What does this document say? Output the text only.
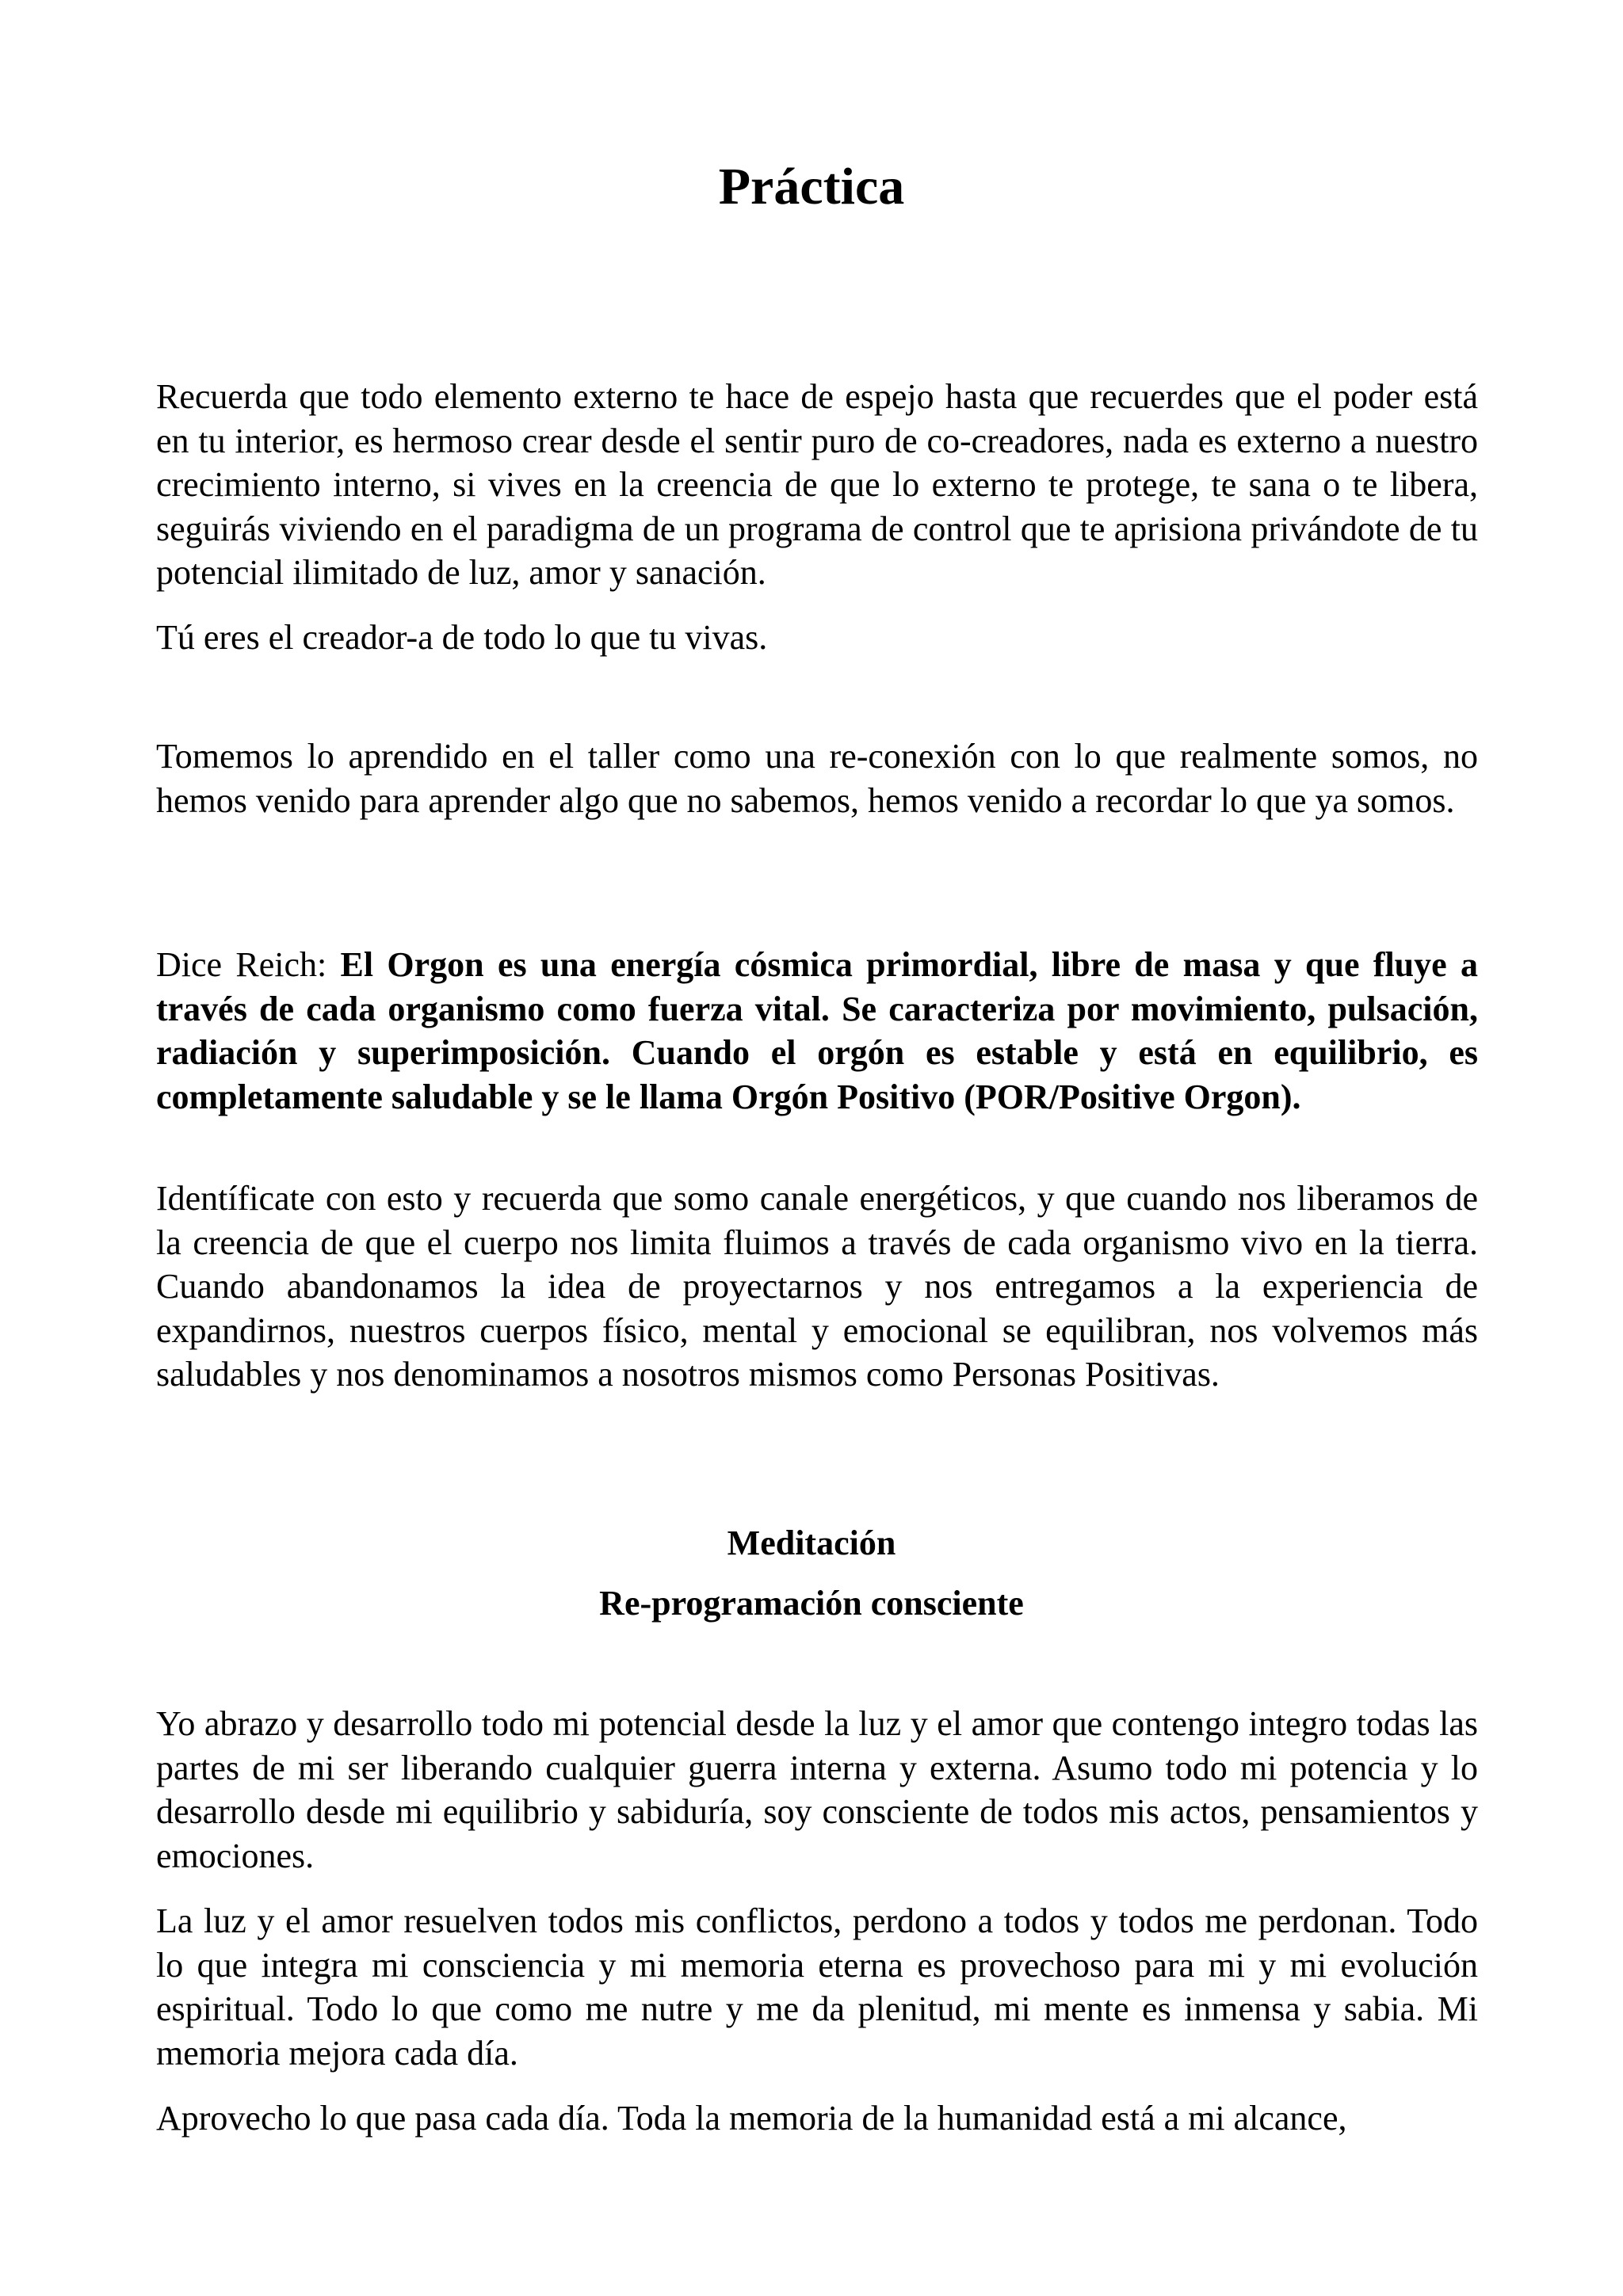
Práctica

Recuerda que todo elemento externo te hace de espejo hasta que recuerdes que el poder está en tu interior, es hermoso crear desde el sentir puro de co-creadores, nada es externo a nuestro crecimiento interno, si vives en la creencia de que lo externo te protege, te sana o te libera, seguirás viviendo en el paradigma de un programa de control que te aprisiona privándote de tu potencial ilimitado de luz, amor y sanación.

Tú eres el creador-a de todo lo que tu vivas.

Tomemos lo aprendido en el taller como una re-conexión con lo que realmente somos, no hemos venido para aprender algo que no sabemos, hemos venido a recordar lo que ya somos.

Dice Reich: El Orgon es una energía cósmica primordial, libre de masa y que fluye a través de cada organismo como fuerza vital. Se caracteriza por movimiento, pulsación, radiación y superimposición. Cuando el orgón es estable y está en equilibrio, es completamente saludable y se le llama Orgón Positivo (POR/Positive Orgon).

Identíficate con esto y recuerda que somo canale energéticos, y que cuando nos liberamos de la creencia de que el cuerpo nos limita fluimos a través de cada organismo vivo en la tierra. Cuando abandonamos la idea de proyectarnos y nos entregamos a la experiencia de expandirnos, nuestros cuerpos físico, mental y emocional se equilibran, nos volvemos más saludables y nos denominamos a nosotros mismos como Personas Positivas.

Meditación
Re-programación consciente

Yo abrazo y desarrollo todo mi potencial desde la luz y el amor que contengo integro todas las partes de mi ser liberando cualquier guerra interna y externa. Asumo todo mi potencia y lo desarrollo desde mi equilibrio y sabiduría, soy consciente de todos mis actos, pensamientos y emociones.

La luz y el amor resuelven todos mis conflictos, perdono a todos y todos me perdonan. Todo lo que integra mi consciencia y mi memoria eterna es provechoso para mi y mi evolución espiritual. Todo lo que como me nutre y me da plenitud, mi mente es inmensa y sabia. Mi memoria mejora cada día.

Aprovecho lo que pasa cada día. Toda la memoria de la humanidad está a mi alcance,
